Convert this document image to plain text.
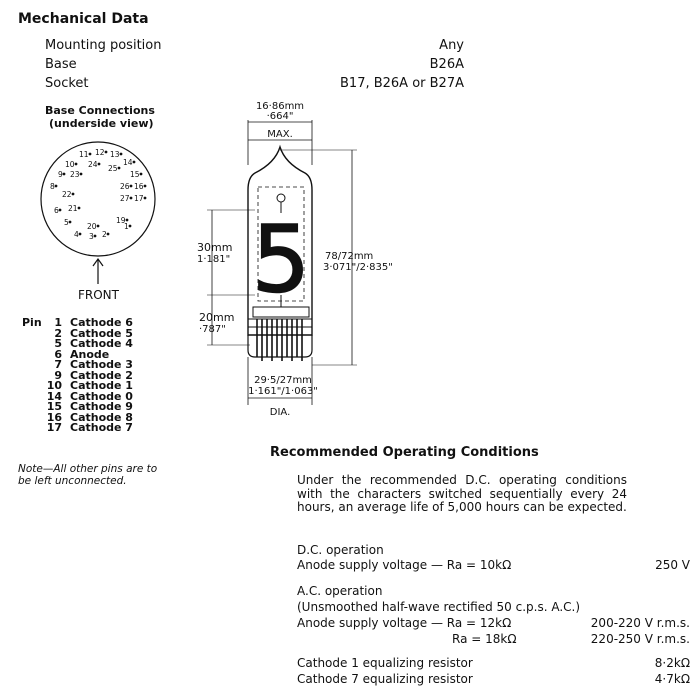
Mechanical Data
Mounting position	Any
Base	B26A
Socket	B17, B26A or B27A
Base Connections
(underside view)
1
2
3
4
5
6
8
9
10
11 12 13
14
15
16
17
19
20
21
22
23
24 25
26
27
FRONT
Pin 1 Cathode 6
2 Cathode 5
5 Cathode 4
6 Anode
7 Cathode 3
9 Cathode 2
10 Cathode 1
14 Cathode 0
15 Cathode 9
16 Cathode 8
17 Cathode 7
Note—All other pins are to
be left unconnected.
16·86mm
·664"
MAX.
5
30mm
1·181"
20mm
·787"
78/72mm
3·071"/2·835"
29·5/27mm
1·161"/1·063"
DIA.
Recommended Operating Conditions
Under the recommended D.C. operating conditions with the characters switched sequentially every 24 hours, an average life of 5,000 hours can be expected.
D.C. operation
Anode supply voltage — Ra = 10kΩ	250 V
A.C. operation
(Unsmoothed half-wave rectified 50 c.p.s. A.C.)
Anode supply voltage — Ra = 12kΩ	200-220 V r.m.s.
Ra = 18kΩ	220-250 V r.m.s.
Cathode 1 equalizing resistor	8·2kΩ
Cathode 7 equalizing resistor	4·7kΩ
